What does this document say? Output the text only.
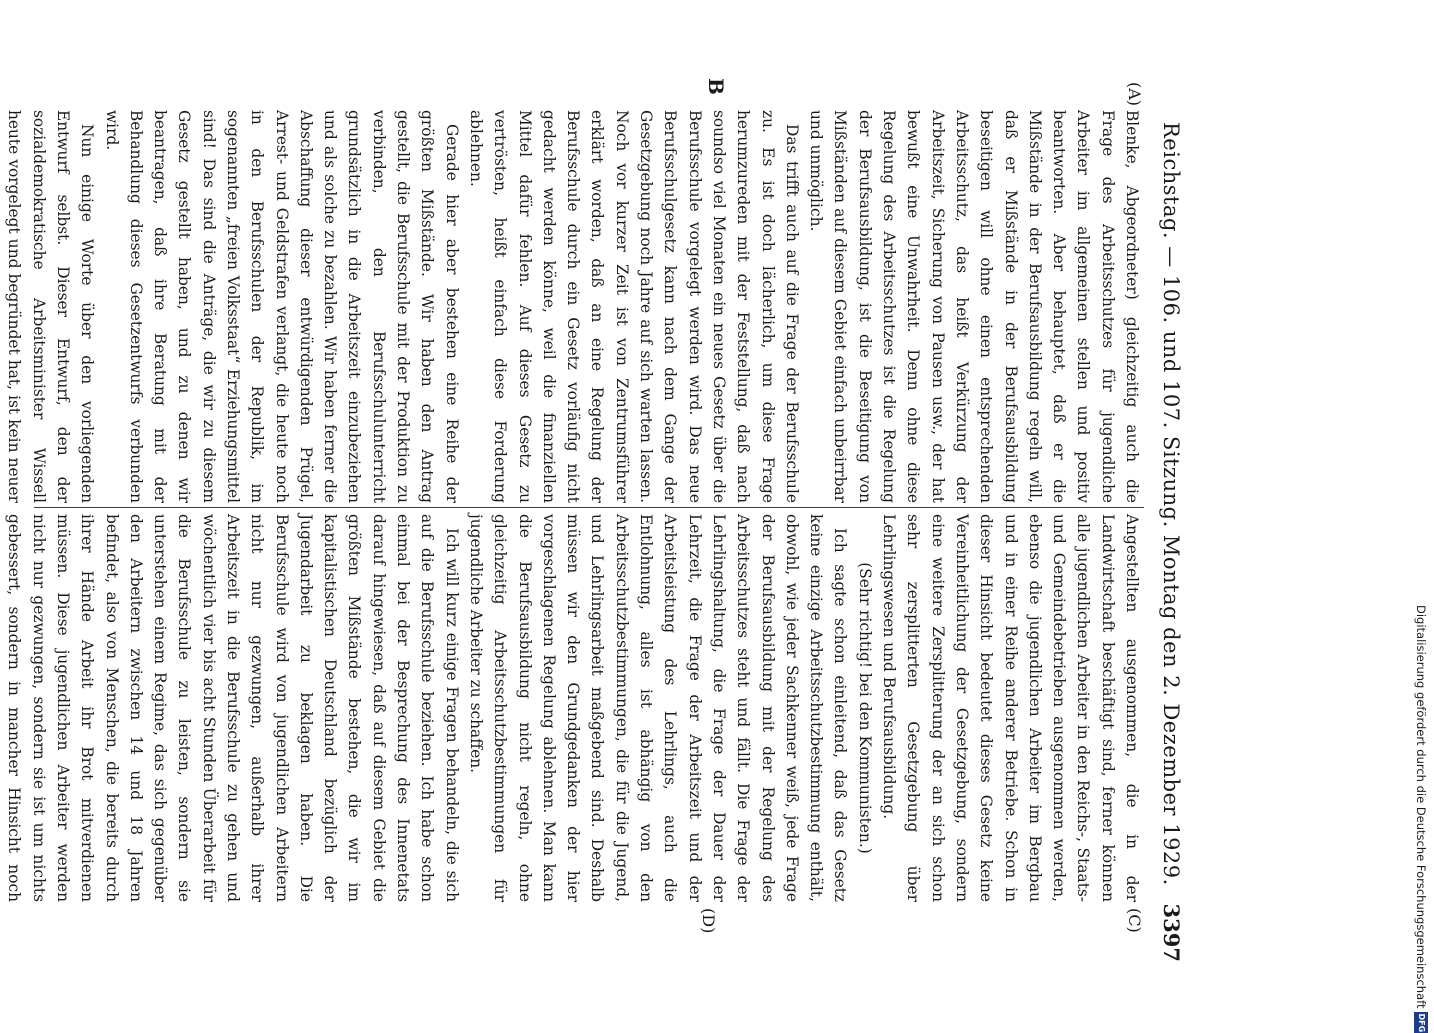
Reichstag. — 106. und 107. Sitzung. Montag den 2. Dezember 1929.
3397
(A)
B
(C)
(D)

Blenke, Abgeordneter) gleichzeitig auch die Frage des Arbeitsschutzes für jugendliche Arbeiter im allgemeinen stellen und positiv beantworten. Aber behauptet, daß er die Mißstände in der Berufsausbildung regeln will, daß er Mißstände in der Berufsausbildung beseitigen will ohne einen entsprechenden Arbeitsschutz, das heißt Verkürzung der Arbeitszeit, Sicherung von Pausen usw., der hat bewußt eine Unwahrheit. Denn ohne diese Regelung des Arbeitsschutzes ist die Regelung der Berufsausbildung, ist die Beseitigung von Mißständen auf diesem Gebiet einfach unbeirrbar und unmöglich.

Das trifft auch auf die Frage der Berufsschule zu. Es ist doch lächerlich, um diese Frage herumzureden mit der Feststellung, daß nach soundso viel Monaten ein neues Gesetz über die Berufsschule vorgelegt werden wird. Das neue Berufsschulgesetz kann nach dem Gange der Gesetzgebung noch Jahre auf sich warten lassen. Noch vor kurzer Zeit ist von Zentrumsführer erklärt worden, daß an eine Regelung der Berufsschule durch ein Gesetz vorläufig nicht gedacht werden könne, weil die finanziellen Mittel dafür fehlen. Auf dieses Gesetz zu vertrösten, heißt einfach diese Forderung ablehnen.

Gerade hier aber bestehen eine Reihe der größten Mißstände. Wir haben den Antrag gestellt, die Berufsschule mit der Produktion zu verbinden, den Berufsschulunterricht grundsätzlich in die Arbeitszeit einzubeziehen und als solche zu bezahlen. Wir haben ferner die Abschaffung dieser entwürdigenden Prügel, Arrest- und Geldstrafen verlangt, die heute noch in den Berufsschulen der Republik, im sogenannten „freien Volksstaat“ Erziehungsmittel sind! Das sind die Anträge, die wir zu diesem Gesetz gestellt haben, und zu denen wir beantragen, daß ihre Beratung mit der Behandlung dieses Gesetzentwurfs verbunden wird.

Nun einige Worte über den vorliegenden Entwurf selbst. Dieser Entwurf, den der sozialdemokratische Arbeitsminister Wissell heute vorgelegt und begründet hat, ist kein neuer

Angestellten ausgenommen, die in der Landwirtschaft beschäftigt sind, ferner können alle jugendlichen Arbeiter in den Reichs-, Staats- und Gemeindebetrieben ausgenommen werden, ebenso die jugendlichen Arbeiter im Bergbau und in einer Reihe anderer Betriebe. Schon in dieser Hinsicht bedeutet dieses Gesetz keine Vereinheitlichung der Gesetzgebung, sondern eine weitere Zersplitterung der an sich schon sehr zersplitterten Gesetzgebung über Lehrlingswesen und Berufsausbildung.

(Sehr richtig! bei den Kommunisten.)

Ich sagte schon einleitend, daß das Gesetz keine einzige Arbeitsschutzbestimmung enthält, obwohl, wie jeder Sachkenner weiß, jede Frage der Berufsausbildung mit der Regelung des Arbeitsschutzes steht und fällt. Die Frage der Lehrlingshaltung, die Frage der Dauer der Lehrzeit, die Frage der Arbeitszeit und der Arbeitsleistung des Lehrlings, auch die Entlohnung, alles ist abhängig von den Arbeitsschutzbestimmungen, die für die Jugend, und Lehrlingsarbeit maßgebend sind. Deshalb müssen wir den Grundgedanken der hier vorgeschlagenen Regelung ablehnen. Man kann die Berufsausbildung nicht regeln, ohne gleichzeitig Arbeitsschutzbestimmungen für jugendliche Arbeiter zu schaffen.

Ich will kurz einige Fragen behandeln, die sich auf die Berufsschule beziehen. Ich habe schon einmal bei der Besprechung des Innenetats darauf hingewiesen, daß auf diesem Gebiet die größten Mißstände bestehen, die wir im kapitalistischen Deutschland bezüglich der Jugendarbeit zu beklagen haben. Die Berufsschule wird von jugendlichen Arbeitern nicht nur gezwungen, außerhalb ihrer Arbeitszeit in die Berufsschule zu gehen und wöchentlich vier bis acht Stunden Überarbeit für die Berufsschule zu leisten, sondern sie unterstehen einem Regime, das sich gegenüber den Arbeitern zwischen 14 und 18 Jahren befindet, also von Menschen, die bereits durch ihrer Hände Arbeit ihr Brot mitverdienen müssen. Diese jugendlichen Arbeiter werden nicht nur gezwungen, sondern sie ist um nichts gebessert, sondern in mancher Hinsicht noch	Digitalisierung gefördert durch die Deutsche Forschungsgemeinschaft
DFG
